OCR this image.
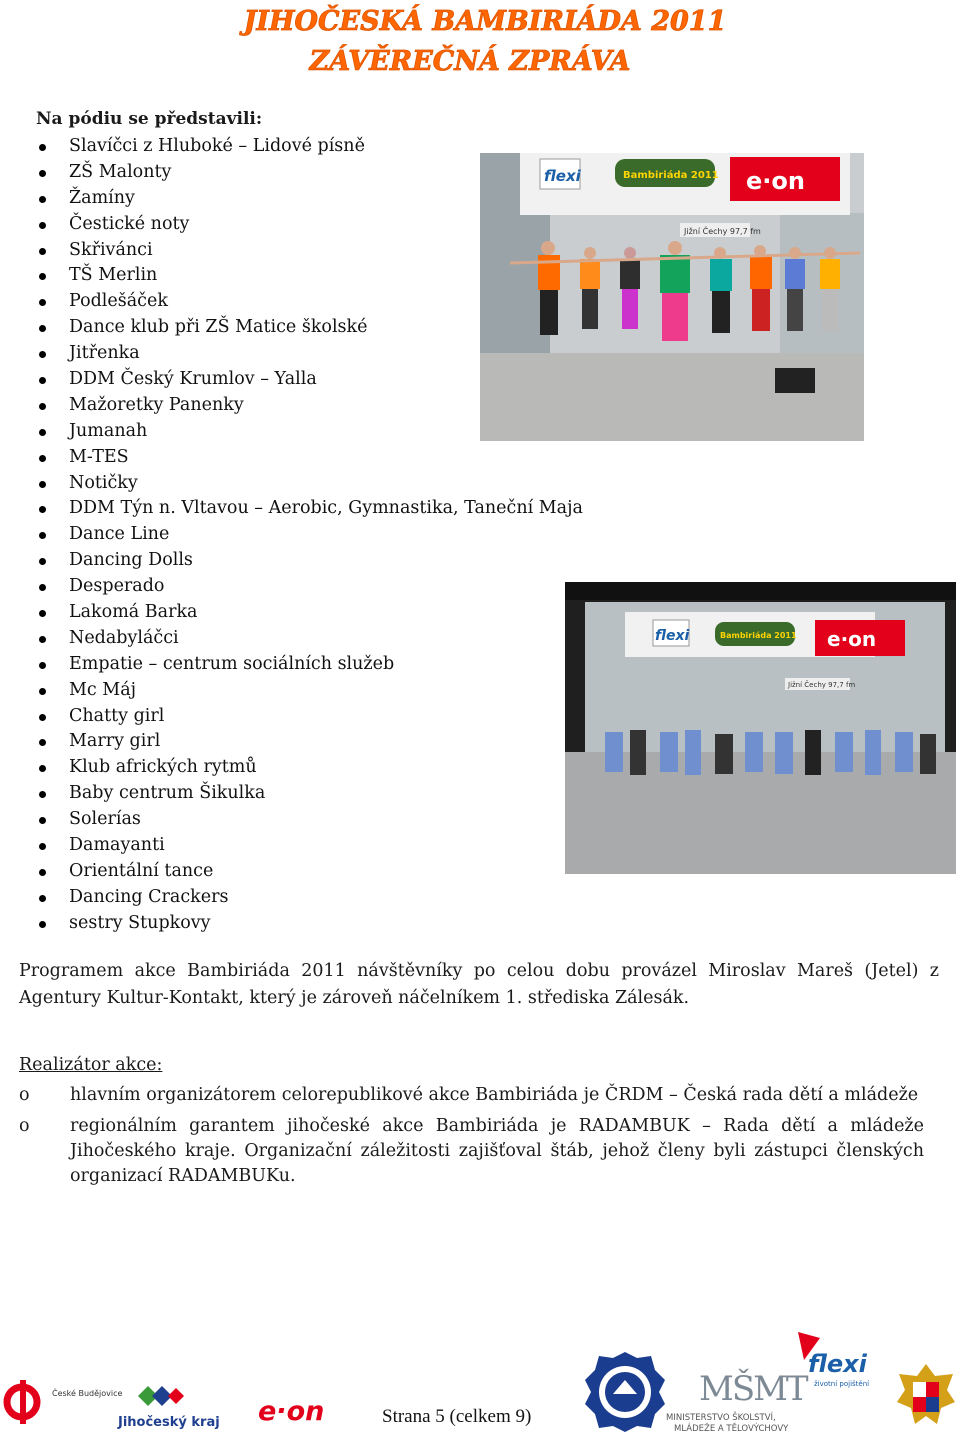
JIHOČESKÁ BAMBIRIÁDA 2011
ZÁVĚREČNÁ ZPRÁVA
Na pódiu se představili:
Slavíčci z Hluboké – Lidové písně
ZŠ Malonty
Žamíny
Čestické noty
Skřivánci
TŠ Merlin
Podlešáček
Dance klub při ZŠ Matice školské
Jitřenka
DDM Český Krumlov – Yalla
Mažoretky Panenky
Jumanah
M-TES
Notičky
DDM Týn n. Vltavou – Aerobic, Gymnastika, Taneční Maja
Dance Line
Dancing Dolls
Desperado
Lakomá Barka
Nedabyláčci
Empatie – centrum sociálních služeb
Mc Máj
Chatty girl
Marry girl
Klub afrických rytmů
Baby centrum Šikulka
Solerías
Damayanti
Orientální tance
Dancing Crackers
sestry Stupkovy
flexi	Bambiriáda 2011 e·on
Jižní Čechy 97,7 fm
flexi	Bambiriáda 2011 e·on
Jižní Čechy 97,7 fm
Programem akce Bambiriáda 2011 návštěvníky po celou dobu provázel Miroslav Mareš (Jetel) z Agentury Kultur-Kontakt, který je zároveň náčelníkem 1. střediska Zálesák.
Realizátor akce:
o hlavním organizátorem celorepublikové akce Bambiriáda je ČRDM – Česká rada dětí a mládeže
o regionálním garantem jihočeské akce Bambiriáda je RADAMBUK – Rada dětí a mládeže Jihočeského kraje. Organizační záležitosti zajišťoval štáb, jehož členy byli zástupci členských organizací RADAMBUKu.
České Budějovice
Jihočeský kraj e·on	Strana 5 (celkem 9)
MŠMT
MINISTERSTVO ŠKOLSTVÍ,
MLÁDEŽE A TĚLOVÝCHOVY
flexi
životní pojištění
